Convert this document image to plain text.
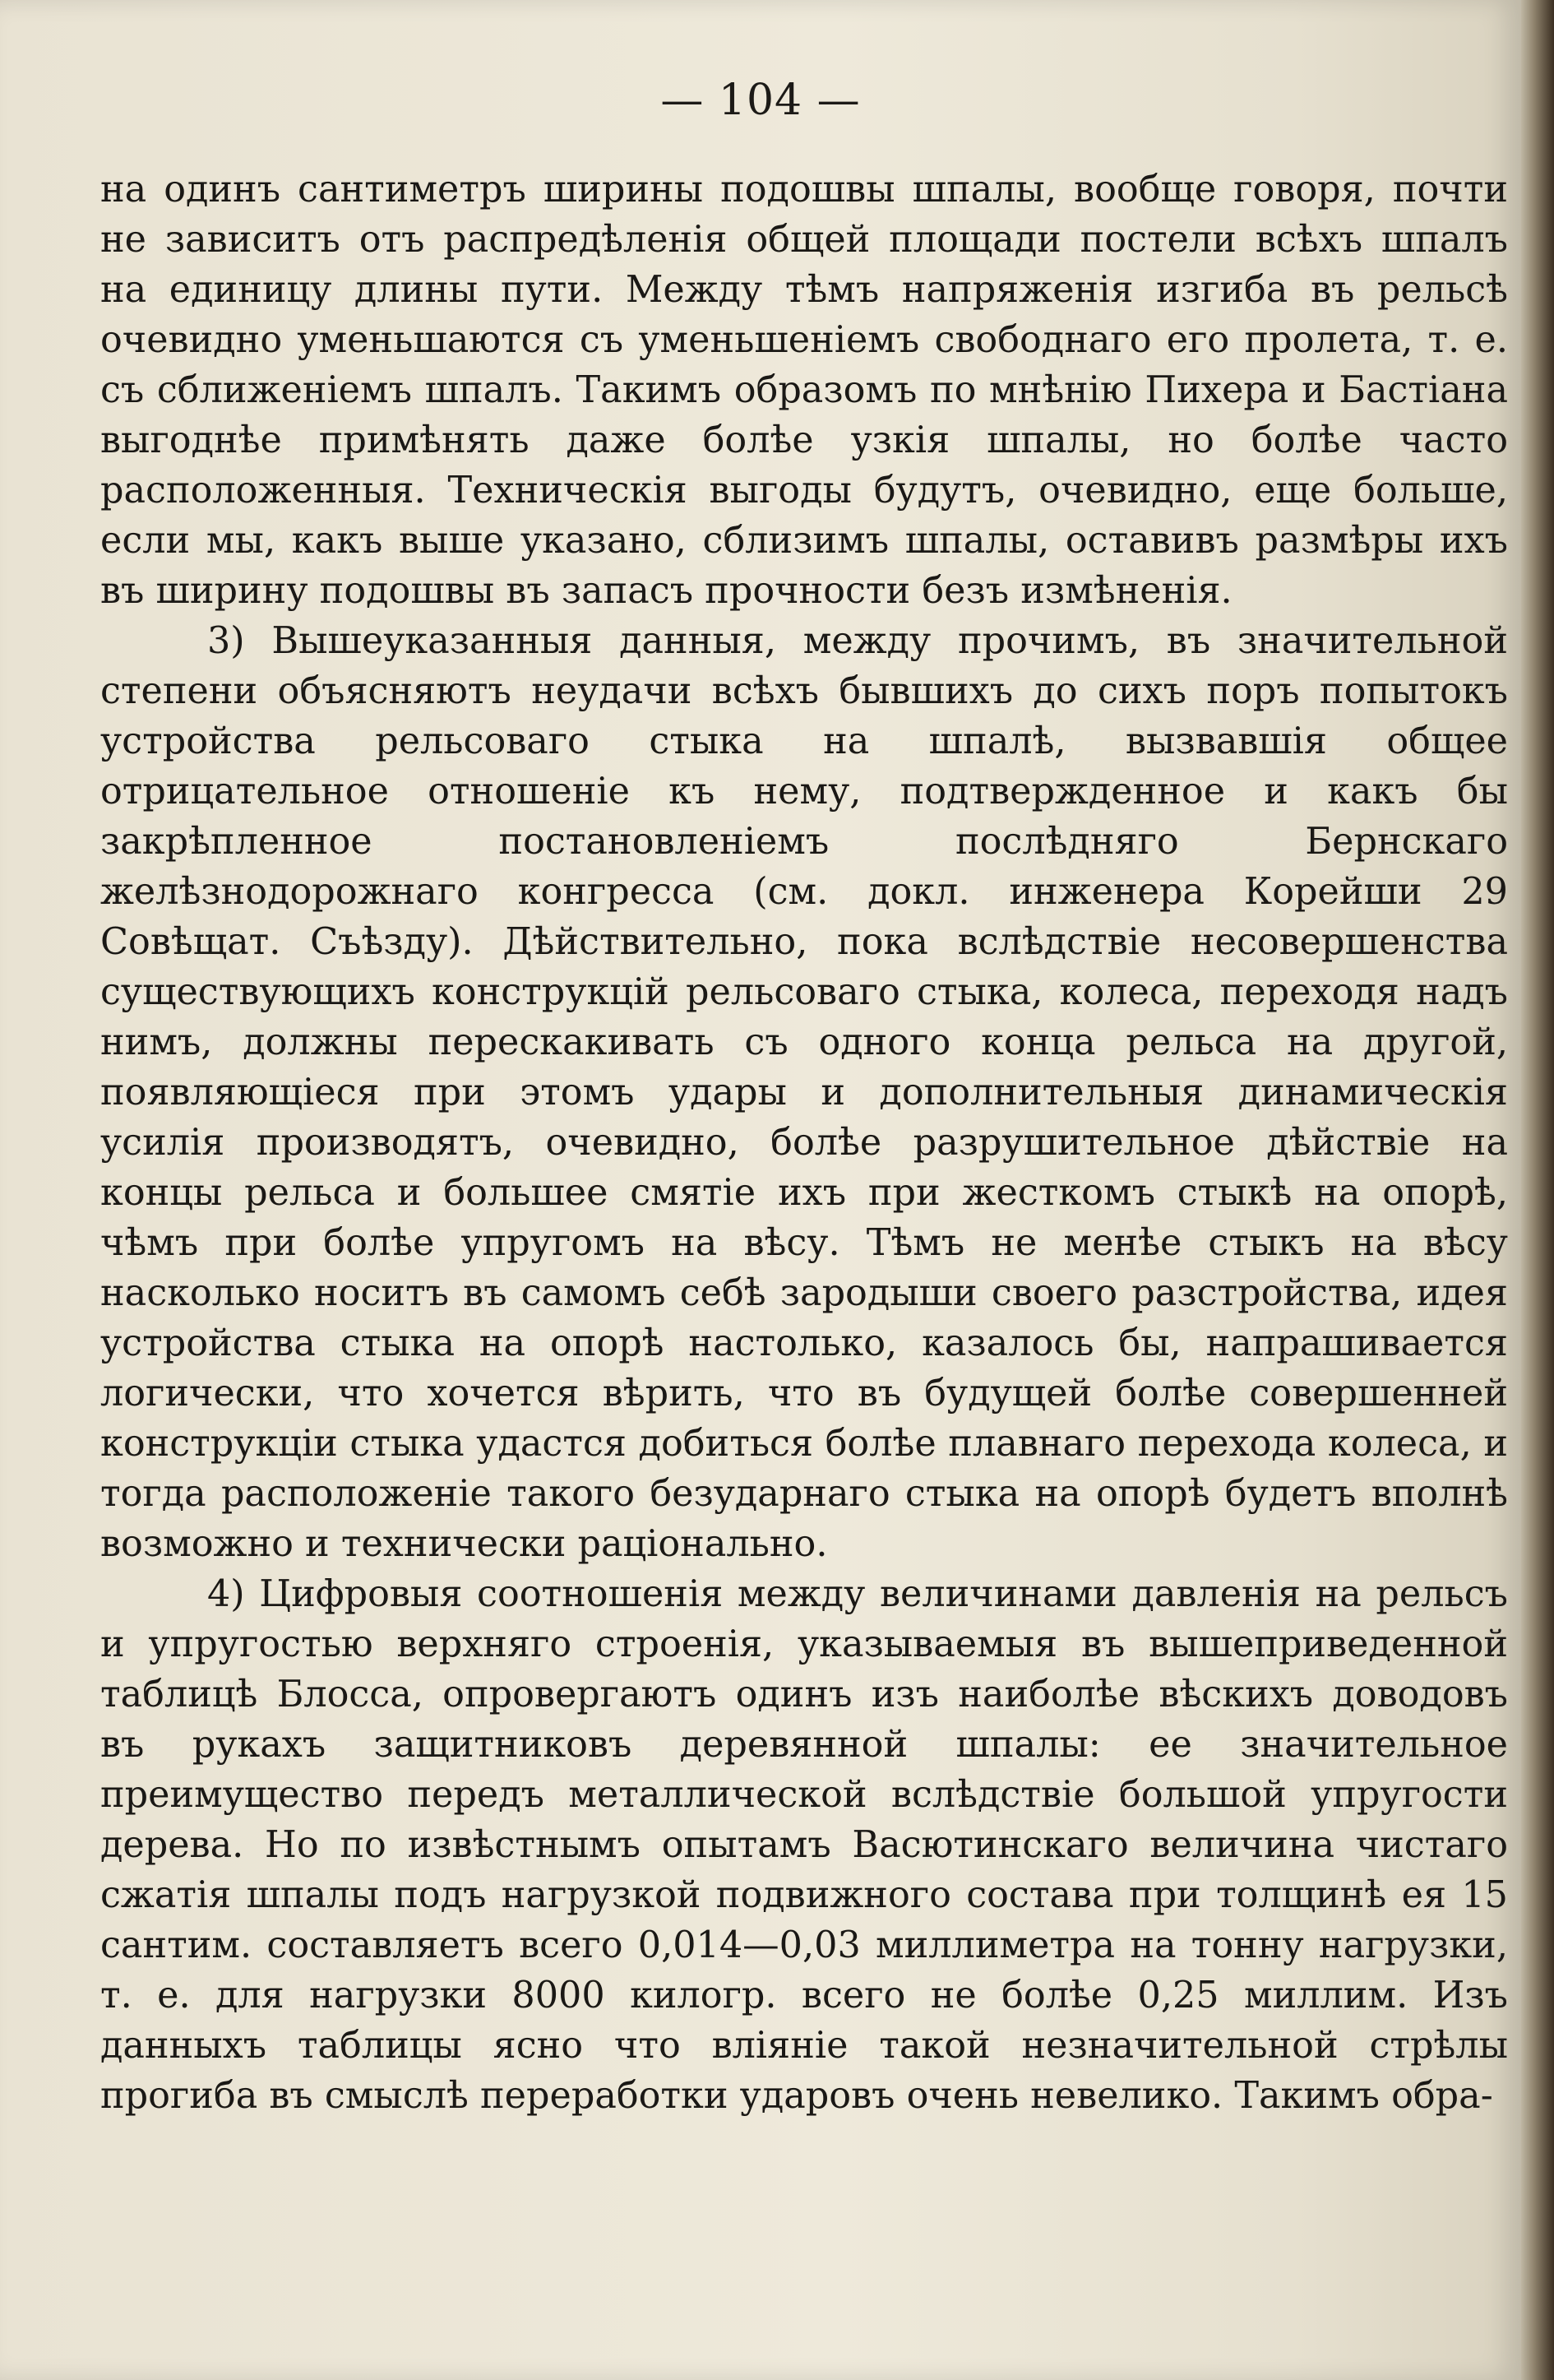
— 104 —

на одинъ сантиметръ ширины подошвы шпалы, вообще говоря, почти не зависитъ отъ распредѣленія общей площади постели всѣхъ шпалъ на единицу длины пути. Между тѣмъ напряженія изгиба въ рельсѣ очевидно уменьшаются съ уменьшеніемъ свободнаго его пролета, т. е. съ сближеніемъ шпалъ. Такимъ образомъ по мнѣнію Пихера и Бастіана выгоднѣе примѣнять даже болѣе узкія шпалы, но болѣе часто расположенныя. Техническія выгоды будутъ, очевидно, еще больше, если мы, какъ выше указано, сблизимъ шпалы, оставивъ размѣры ихъ въ ширину подошвы въ запасъ прочности безъ измѣненія.

3) Вышеуказанныя данныя, между прочимъ, въ значительной степени объясняютъ неудачи всѣхъ бывшихъ до сихъ поръ попытокъ устройства рельсоваго стыка на шпалѣ, вызвавшія общее отрицательное отношеніе къ нему, подтвержденное и какъ бы закрѣпленное постановленіемъ послѣдняго Бернскаго желѣзнодорожнаго конгресса (см. докл. инженера Корейши 29 Совѣщат. Съѣзду). Дѣйствительно, пока вслѣдствіе несовершенства существующихъ конструкцій рельсоваго стыка, колеса, переходя надъ нимъ, должны перескакивать съ одного конца рельса на другой, появляющіеся при этомъ удары и дополнительныя динамическія усилія производятъ, очевидно, болѣе разрушительное дѣйствіе на концы рельса и большее смятіе ихъ при жесткомъ стыкѣ на опорѣ, чѣмъ при болѣе упругомъ на вѣсу. Тѣмъ не менѣе стыкъ на вѣсу насколько носитъ въ самомъ себѣ зародыши своего разстройства, идея устройства стыка на опорѣ настолько, казалось бы, напрашивается логически, что хочется вѣрить, что въ будущей болѣе совершенней конструкціи стыка удастся добиться болѣе плавнаго перехода колеса, и тогда расположеніе такого безударнаго стыка на опорѣ будетъ вполнѣ возможно и технически раціонально.

4) Цифровыя соотношенія между величинами давленія на рельсъ и упругостью верхняго строенія, указываемыя въ вышеприведенной таблицѣ Блосса, опровергаютъ одинъ изъ наиболѣе вѣскихъ доводовъ въ рукахъ защитниковъ деревянной шпалы: ее значительное преимущество передъ металлической вслѣдствіе большой упругости дерева. Но по извѣстнымъ опытамъ Васютинскаго величина чистаго сжатія шпалы подъ нагрузкой подвижного состава при толщинѣ ея 15 сантим. составляетъ всего 0,014—0,03 миллиметра на тонну нагрузки, т. е. для нагрузки 8000 килогр. всего не болѣе 0,25 миллим. Изъ данныхъ таблицы ясно что вліяніе такой незначительной стрѣлы прогиба въ смыслѣ переработки ударовъ очень невелико. Такимъ обра-
